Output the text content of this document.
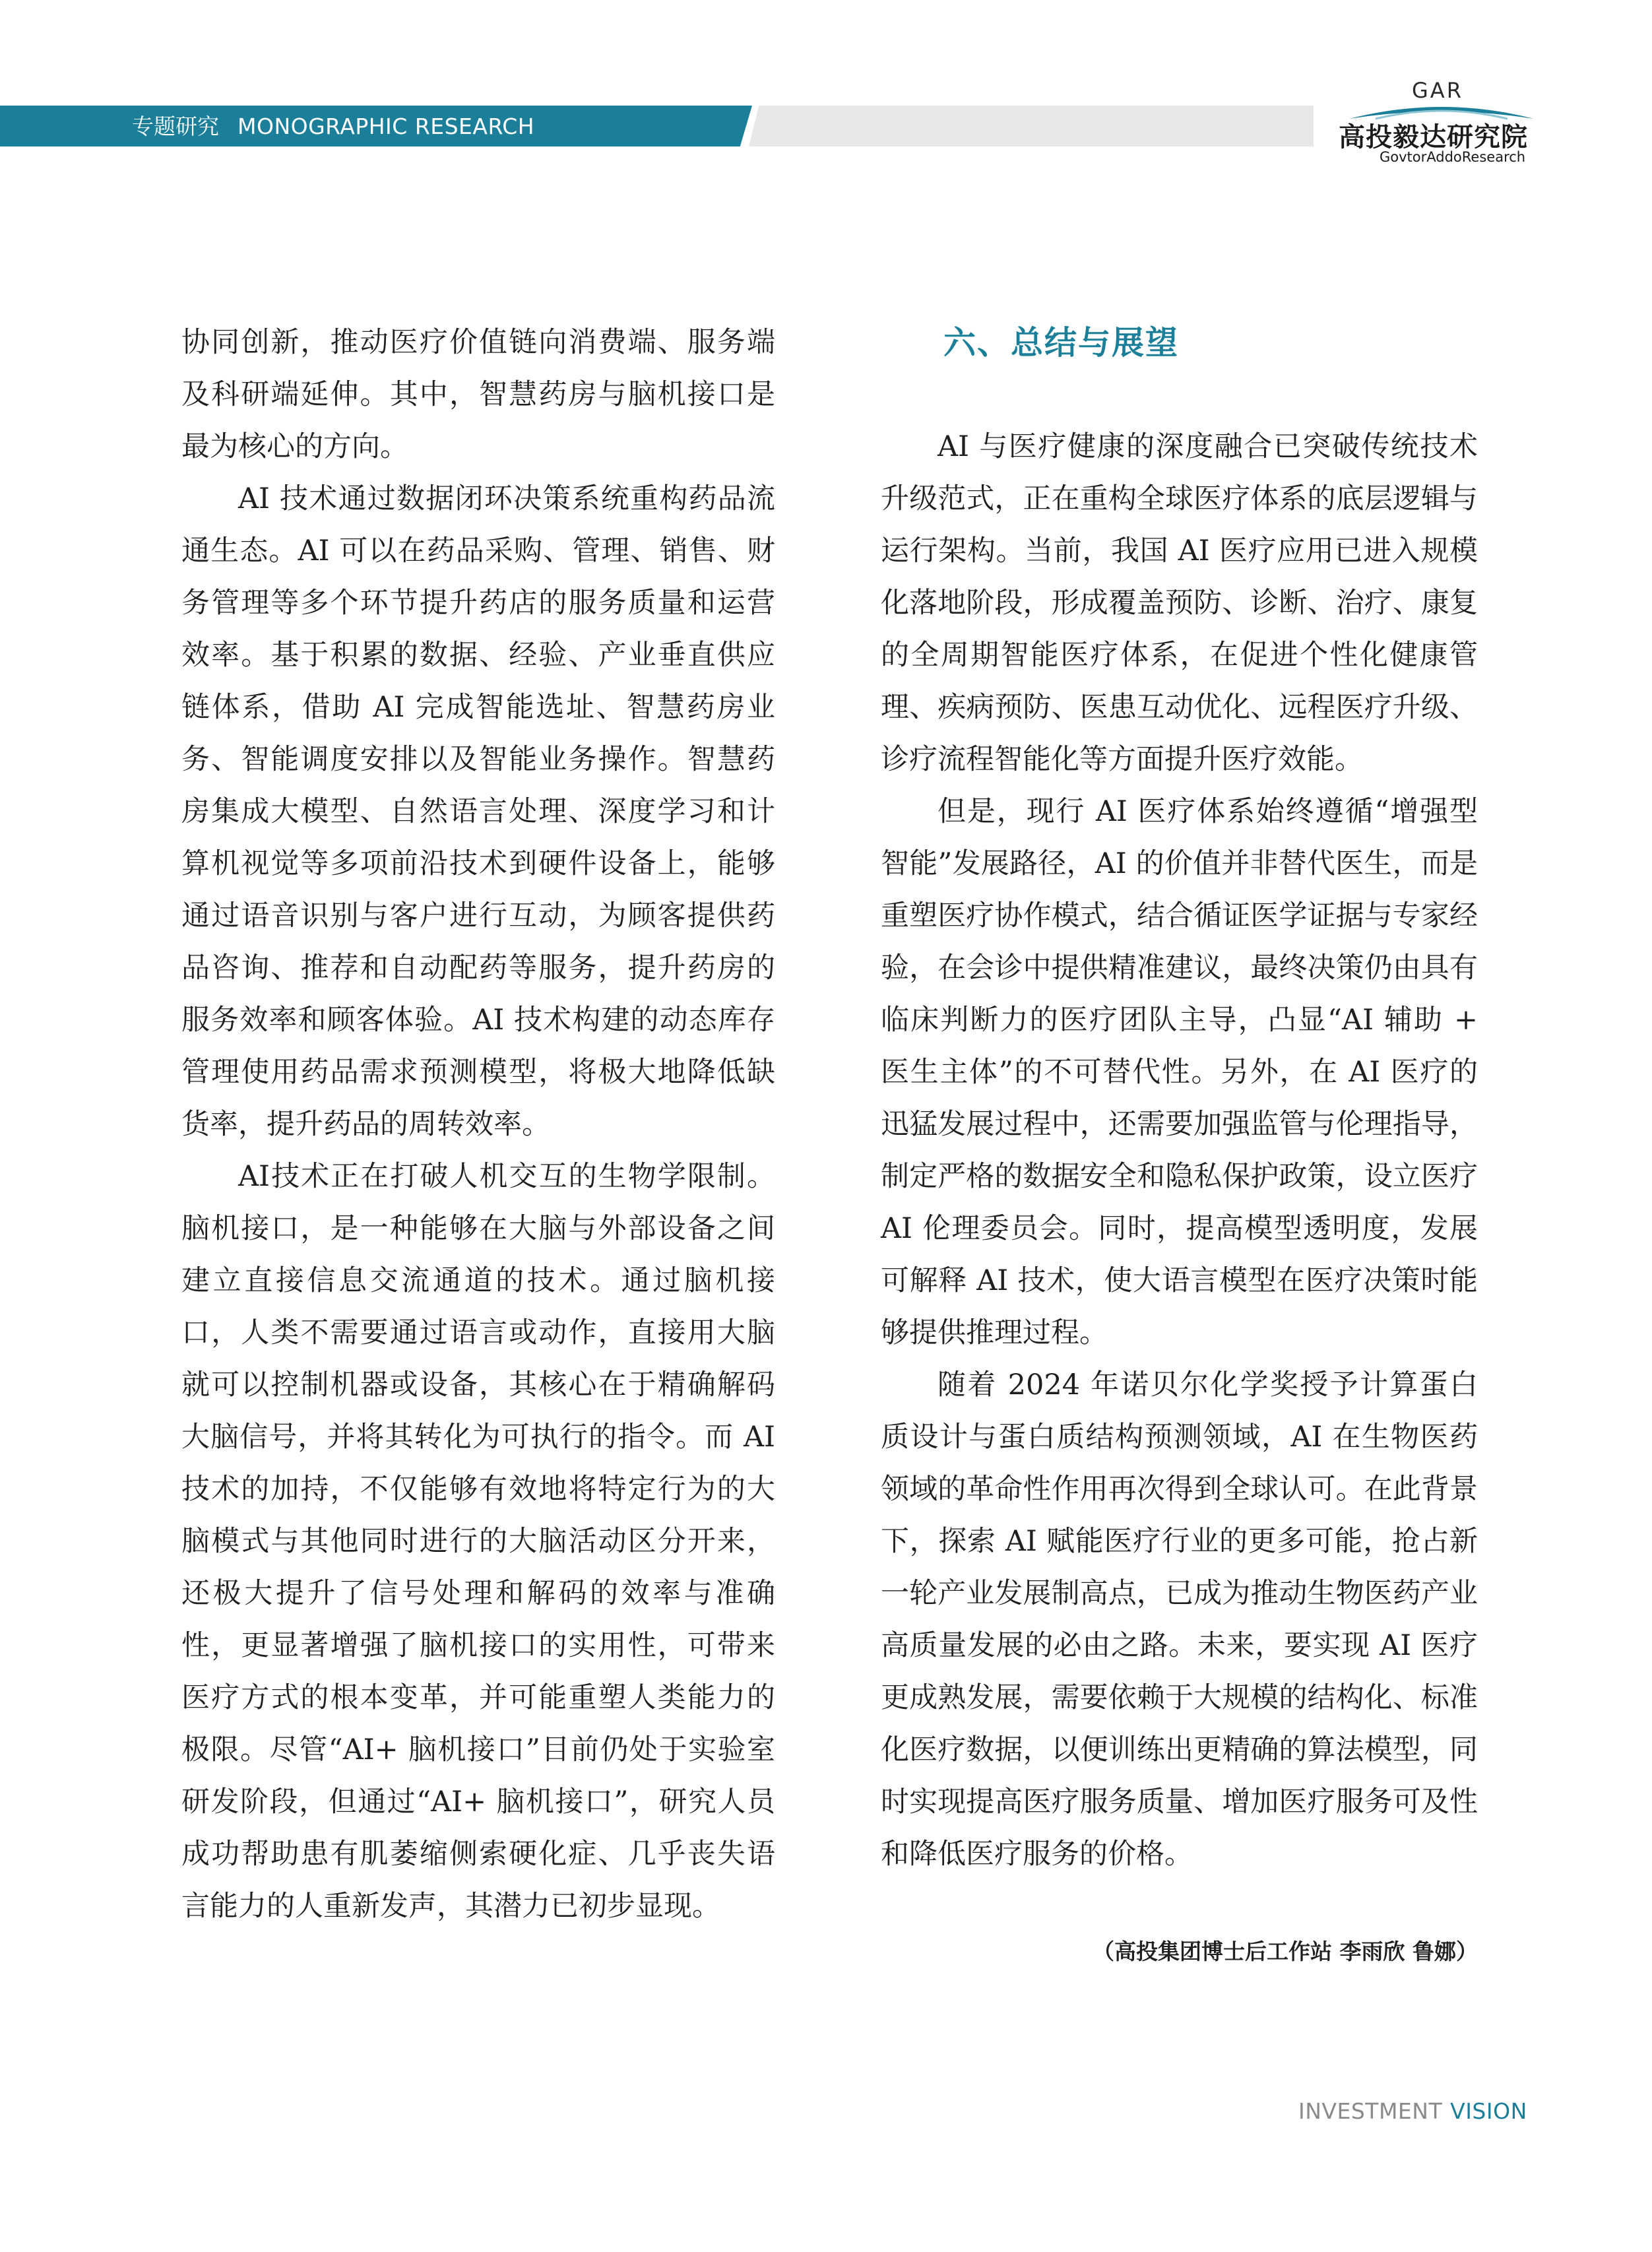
专题研究 MONOGRAPHIC RESEARCH
GAR
高投毅达研究院
GovtorAddoResearch

协同创新，推动医疗价值链向消费端、服务端及科研端延伸。其中，智慧药房与脑机接口是最为核心的方向。

AI 技术通过数据闭环决策系统重构药品流通生态。AI 可以在药品采购、管理、销售、财务管理等多个环节提升药店的服务质量和运营效率。基于积累的数据、经验、产业垂直供应链体系，借助 AI 完成智能选址、智慧药房业务、智能调度安排以及智能业务操作。智慧药房集成大模型、自然语言处理、深度学习和计算机视觉等多项前沿技术到硬件设备上，能够通过语音识别与客户进行互动，为顾客提供药品咨询、推荐和自动配药等服务，提升药房的服务效率和顾客体验。AI 技术构建的动态库存管理使用药品需求预测模型，将极大地降低缺货率，提升药品的周转效率。

AI技术正在打破人机交互的生物学限制。脑机接口，是一种能够在大脑与外部设备之间建立直接信息交流通道的技术。通过脑机接口，人类不需要通过语言或动作，直接用大脑就可以控制机器或设备，其核心在于精确解码大脑信号，并将其转化为可执行的指令。而 AI 技术的加持，不仅能够有效地将特定行为的大脑模式与其他同时进行的大脑活动区分开来，还极大提升了信号处理和解码的效率与准确性，更显著增强了脑机接口的实用性，可带来医疗方式的根本变革，并可能重塑人类能力的极限。尽管“AI+ 脑机接口”目前仍处于实验室研发阶段，但通过“AI+ 脑机接口”，研究人员成功帮助患有肌萎缩侧索硬化症、几乎丧失语言能力的人重新发声，其潜力已初步显现。

六、总结与展望

AI 与医疗健康的深度融合已突破传统技术升级范式，正在重构全球医疗体系的底层逻辑与运行架构。当前，我国 AI 医疗应用已进入规模化落地阶段，形成覆盖预防、诊断、治疗、康复的全周期智能医疗体系，在促进个性化健康管理、疾病预防、医患互动优化、远程医疗升级、诊疗流程智能化等方面提升医疗效能。

但是，现行 AI 医疗体系始终遵循“增强型智能”发展路径，AI 的价值并非替代医生，而是重塑医疗协作模式，结合循证医学证据与专家经验，在会诊中提供精准建议，最终决策仍由具有临床判断力的医疗团队主导，凸显“AI 辅助 + 医生主体”的不可替代性。另外，在 AI 医疗的迅猛发展过程中，还需要加强监管与伦理指导，制定严格的数据安全和隐私保护政策，设立医疗 AI 伦理委员会。同时，提高模型透明度，发展可解释 AI 技术，使大语言模型在医疗决策时能够提供推理过程。

随着 2024 年诺贝尔化学奖授予计算蛋白质设计与蛋白质结构预测领域，AI 在生物医药领域的革命性作用再次得到全球认可。在此背景下，探索 AI 赋能医疗行业的更多可能，抢占新一轮产业发展制高点，已成为推动生物医药产业高质量发展的必由之路。未来，要实现 AI 医疗更成熟发展，需要依赖于大规模的结构化、标准化医疗数据，以便训练出更精确的算法模型，同时实现提高医疗服务质量、增加医疗服务可及性和降低医疗服务的价格。

（高投集团博士后工作站 李雨欣 鲁娜）
INVESTMENT VISION
